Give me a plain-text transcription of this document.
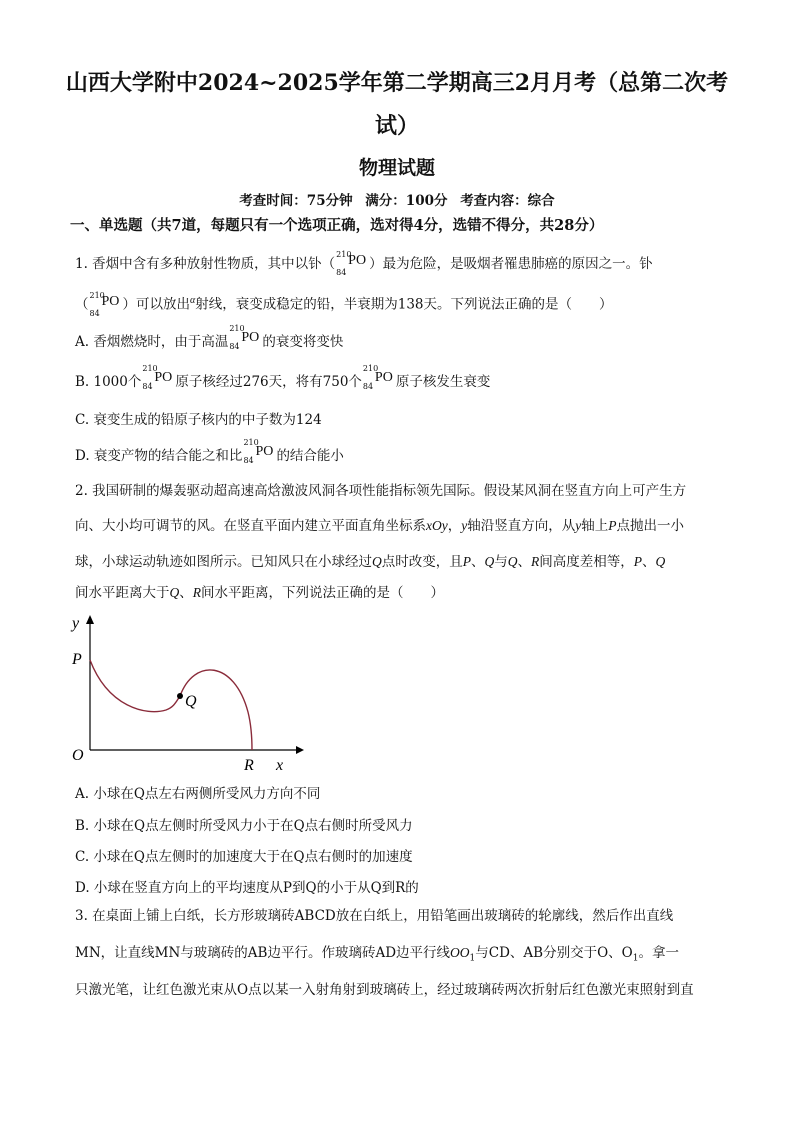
山西大学附中2024~2025学年第二学期高三2月月考（总第二次考
试）
物理试题
考查时间：75分钟 满分：100分 考查内容：综合
一、单选题（共7道，每题只有一个选项正确，选对得4分，选错不得分，共28分）
1. 香烟中含有多种放射性物质，其中以钋（
210
84
PO ）最为危险，是吸烟者罹患肺癌的原因之一。钋
（
210
84
PO ）可以放出$^\alpha$射线，衰变成稳定的铅，半衰期为138天。下列说法正确的是（　　）
A. 香烟燃烧时，由于高温
210
84
PO 的衰变将变快
B. 1000个
210
84
PO 原子核经过276天，将有750个
210
84
PO 原子核发生衰变
C. 衰变生成的铅原子核内的中子数为124
D. 衰变产物的结合能之和比
210
84
PO 的结合能小
2. 我国研制的爆轰驱动超高速高焓激波风洞各项性能指标领先国际。假设某风洞在竖直方向上可产生方
向、大小均可调节的风。在竖直平面内建立平面直角坐标系xOy，y轴沿竖直方向，从y轴上P点抛出一小
球，小球运动轨迹如图所示。已知风只在小球经过Q点时改变，且P、Q与Q、R间高度差相等，P、Q
间水平距离大于Q、R间水平距离，下列说法正确的是（　　）
y
P
Q
O
R x
A. 小球在Q点左右两侧所受风力方向不同
B. 小球在Q点左侧时所受风力小于在Q点右侧时所受风力
C. 小球在Q点左侧时的加速度大于在Q点右侧时的加速度
D. 小球在竖直方向上的平均速度从P到Q的小于从Q到R的
3. 在桌面上铺上白纸，长方形玻璃砖ABCD放在白纸上，用铅笔画出玻璃砖的轮廓线，然后作出直线
MN，让直线MN与玻璃砖的AB边平行。作玻璃砖AD边平行线$OO_1$与CD、AB分别交于O、$O_1$。拿一
只激光笔，让红色激光束从O点以某一入射角射到玻璃砖上，经过玻璃砖两次折射后红色激光束照射到直
